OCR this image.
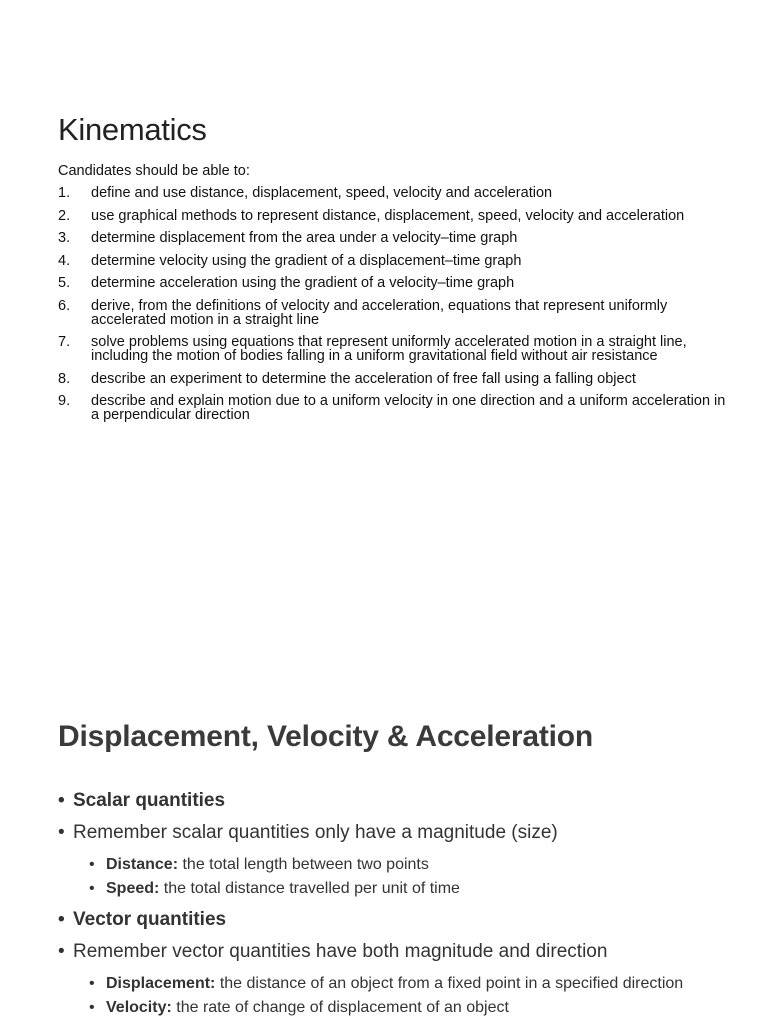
Kinematics
Candidates should be able to:
1. define and use distance, displacement, speed, velocity and acceleration
2. use graphical methods to represent distance, displacement, speed, velocity and acceleration
3. determine displacement from the area under a velocity–time graph
4. determine velocity using the gradient of a displacement–time graph
5. determine acceleration using the gradient of a velocity–time graph
6. derive, from the definitions of velocity and acceleration, equations that represent uniformly accelerated motion in a straight line
7. solve problems using equations that represent uniformly accelerated motion in a straight line, including the motion of bodies falling in a uniform gravitational field without air resistance
8. describe an experiment to determine the acceleration of free fall using a falling object
9. describe and explain motion due to a uniform velocity in one direction and a uniform acceleration in a perpendicular direction
Displacement, Velocity & Acceleration
• Scalar quantities
• Remember scalar quantities only have a magnitude (size)
• Distance: the total length between two points
• Speed: the total distance travelled per unit of time
• Vector quantities
• Remember vector quantities have both magnitude and direction
• Displacement: the distance of an object from a fixed point in a specified direction
• Velocity: the rate of change of displacement of an object
